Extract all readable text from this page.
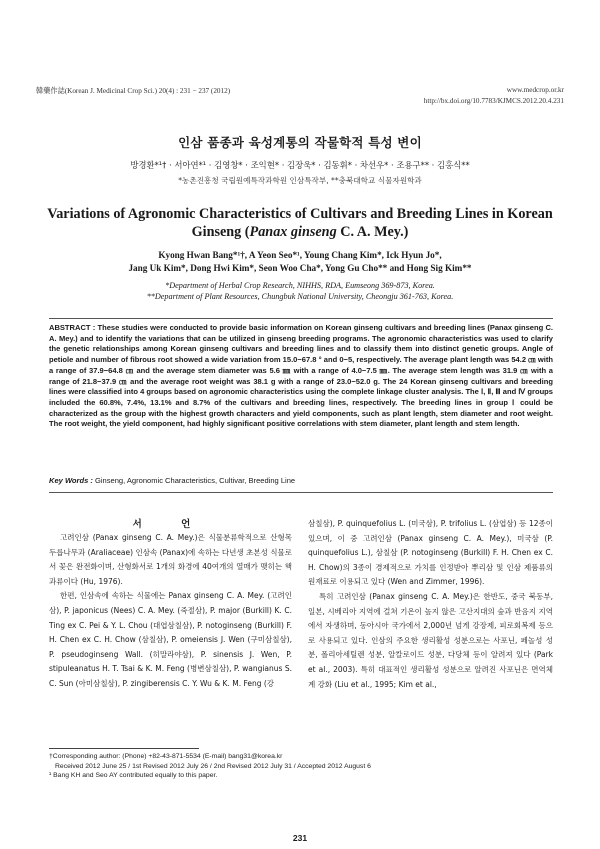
韓藥作誌(Korean J. Medicinal Crop Sci.) 20(4) : 231 − 237 (2012)	www.medcrop.or.kr
http://bx.doi.org/10.7783/KJMCS.2012.20.4.231
인삼 품종과 육성계통의 작물학적 특성 변이
방경환*¹† · 서아연*¹ · 김영창* · 조익현* · 김장욱* · 김동휘* · 차선우* · 조용구** · 김홍식**
*농촌진흥청 국립원예특작과학원 인삼특작부, **충북대학교 식물자원학과
Variations of Agronomic Characteristics of Cultivars and Breeding Lines in Korean
Ginseng (Panax ginseng C. A. Mey.)
Kyong Hwan Bang*¹†, A Yeon Seo*¹, Young Chang Kim*, Ick Hyun Jo*,
Jang Uk Kim*, Dong Hwi Kim*, Seon Woo Cha*, Yong Gu Cho** and Hong Sig Kim**
*Department of Herbal Crop Research, NIHHS, RDA, Eumseong 369-873, Korea.
**Department of Plant Resources, Chungbuk National University, Cheongju 361-763, Korea.
ABSTRACT : These studies were conducted to provide basic information on Korean ginseng cultivars and breeding lines (Panax ginseng C. A. Mey.) and to identify the variations that can be utilized in ginseng breeding programs. The agronomic characteristics was used to clarify the genetic relationships among Korean ginseng cultivars and breeding lines and to classify them into distinct genetic groups. Angle of petiole and number of fibrous root showed a wide variation from 15.0−67.8 ° and 0−5, respectively. The average plant length was 54.2 ㎝ with a range of 37.9−64.8 ㎝ and the average stem diameter was 5.6 ㎜ with a range of 4.0−7.5 ㎜. The average stem length was 31.9 ㎝ with a range of 21.8−37.9 ㎝ and the average root weight was 38.1 g with a range of 23.0−52.0 g. The 24 Korean ginseng cultivars and breeding lines were classified into 4 groups based on agronomic characteristics using the complete linkage cluster analysis. The Ⅰ, Ⅱ, Ⅲ and Ⅳ groups included the 60.8%, 7.4%, 13.1% and 8.7% of the cultivars and breeding lines, respectively. The breeding lines in group Ⅰ could be characterized as the group with the highest growth characters and yield components, such as plant length, stem diameter and root weight. The root weight, the yield component, had highly significant positive correlations with stem diameter, plant length and stem length.
Key Words : Ginseng, Agronomic Characteristics, Cultivar, Breeding Line
서 언

고려인삼 (Panax ginseng C. A. Mey.)은 식물분류학적으로 산형목 두릅나무과 (Araliaceae) 인삼속 (Panax)에 속하는 다년생 초본성 식물로서 꽃은 완전화이며, 산형화서로 1개의 화경에 40여개의 열매가 맺히는 핵과류이다 (Hu, 1976).

한편, 인삼속에 속하는 식물에는 Panax ginseng C. A. Mey. (고려인삼), P. japonicus (Nees) C. A. Mey. (죽절삼), P. major (Burkill) K. C. Ting ex C. Pei & Y. L. Chou (대엽삼칠삼), P. notoginseng (Burkill) F. H. Chen ex C. H. Chow (삼칠삼), P. omeiensis J. Wen (구미삼칠삼), P. pseudoginseng Wall. (히말라야삼), P. sinensis J. Wen, P. stipuleanatus H. T. Tsai & K. M. Feng (병변삼칠삼), P. wangianus S. C. Sun (아미삼칠삼), P. zingiberensis C. Y. Wu & K. M. Feng (강

삼칠삼), P. quinquefolius L. (미국삼), P. trifolius L. (삼엽삼) 등 12종이 있으며, 이 중 고려인삼 (Panax ginseng C. A. Mey.), 미국삼 (P. quinquefolius L.), 삼칠삼 (P. notoginseng (Burkill) F. H. Chen ex C. H. Chow)의 3종이 경제적으로 가치를 인정받아 뿌리삼 및 인삼 제품류의 원재료로 이용되고 있다 (Wen and Zimmer, 1996).

특히 고려인삼 (Panax ginseng C. A. Mey.)은 한반도, 중국 북동부, 일본, 시베리아 지역에 걸쳐 기온이 높지 않은 고산지대의 숲과 반음지 지역에서 자생하며, 동아시아 국가에서 2,000년 넘게 강장제, 피로회복제 등으로 사용되고 있다. 인삼의 주요한 생리활성 성분으로는 사포닌, 페놀성 성분, 폴리아세틸렌 성분, 알칼로이드 성분, 다당체 등이 알려져 있다 (Park et al., 2003). 특히 대표적인 생리활성 성분으로 알려진 사포닌은 면역체계 강화 (Liu et al., 1995; Kim et al.,

†Corresponding author: (Phone) +82-43-871-5534 (E-mail) bang31@korea.kr
Received 2012 June 25 / 1st Revised 2012 July 26 / 2nd Revised 2012 July 31 / Accepted 2012 August 6
¹ Bang KH and Seo AY contributed equally to this paper.
231
